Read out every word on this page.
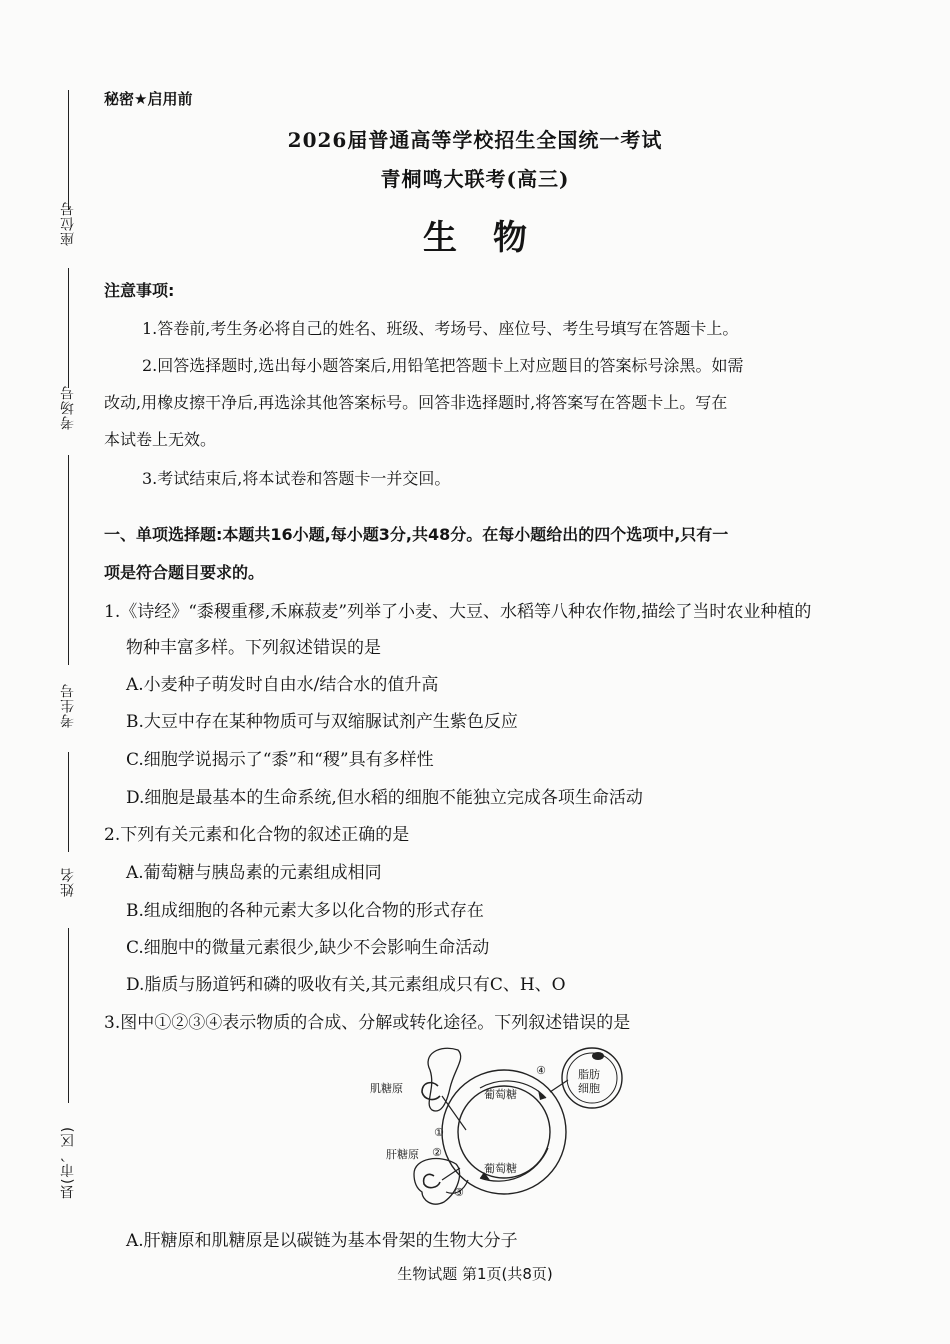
座位号
考场号
考生号
姓名
县(市、区)
秘密★启用前
2026届普通高等学校招生全国统一考试
青桐鸣大联考(高三)
生物
注意事项:
1.答卷前,考生务必将自己的姓名、班级、考场号、座位号、考生号填写在答题卡上。
2.回答选择题时,选出每小题答案后,用铅笔把答题卡上对应题目的答案标号涂黑。如需
改动,用橡皮擦干净后,再选涂其他答案标号。回答非选择题时,将答案写在答题卡上。写在
本试卷上无效。
3.考试结束后,将本试卷和答题卡一并交回。
一、单项选择题:本题共16小题,每小题3分,共48分。在每小题给出的四个选项中,只有一
项是符合题目要求的。
1.《诗经》“黍稷重穋,禾麻菽麦”列举了小麦、大豆、水稻等八种农作物,描绘了当时农业种植的
物种丰富多样。下列叙述错误的是
A.小麦种子萌发时自由水/结合水的值升高
B.大豆中存在某种物质可与双缩脲试剂产生紫色反应
C.细胞学说揭示了“黍”和“稷”具有多样性
D.细胞是最基本的生命系统,但水稻的细胞不能独立完成各项生命活动
2.下列有关元素和化合物的叙述正确的是
A.葡萄糖与胰岛素的元素组成相同
B.组成细胞的各种元素大多以化合物的形式存在
C.细胞中的微量元素很少,缺少不会影响生命活动
D.脂质与肠道钙和磷的吸收有关,其元素组成只有C、H、O
3.图中①②③④表示物质的合成、分解或转化途径。下列叙述错误的是
肌糖原
肝糖原
葡萄糖
葡萄糖
脂肪
细胞
①
②
③
④
A.肝糖原和肌糖原是以碳链为基本骨架的生物大分子
生物试题 第1页(共8页)
